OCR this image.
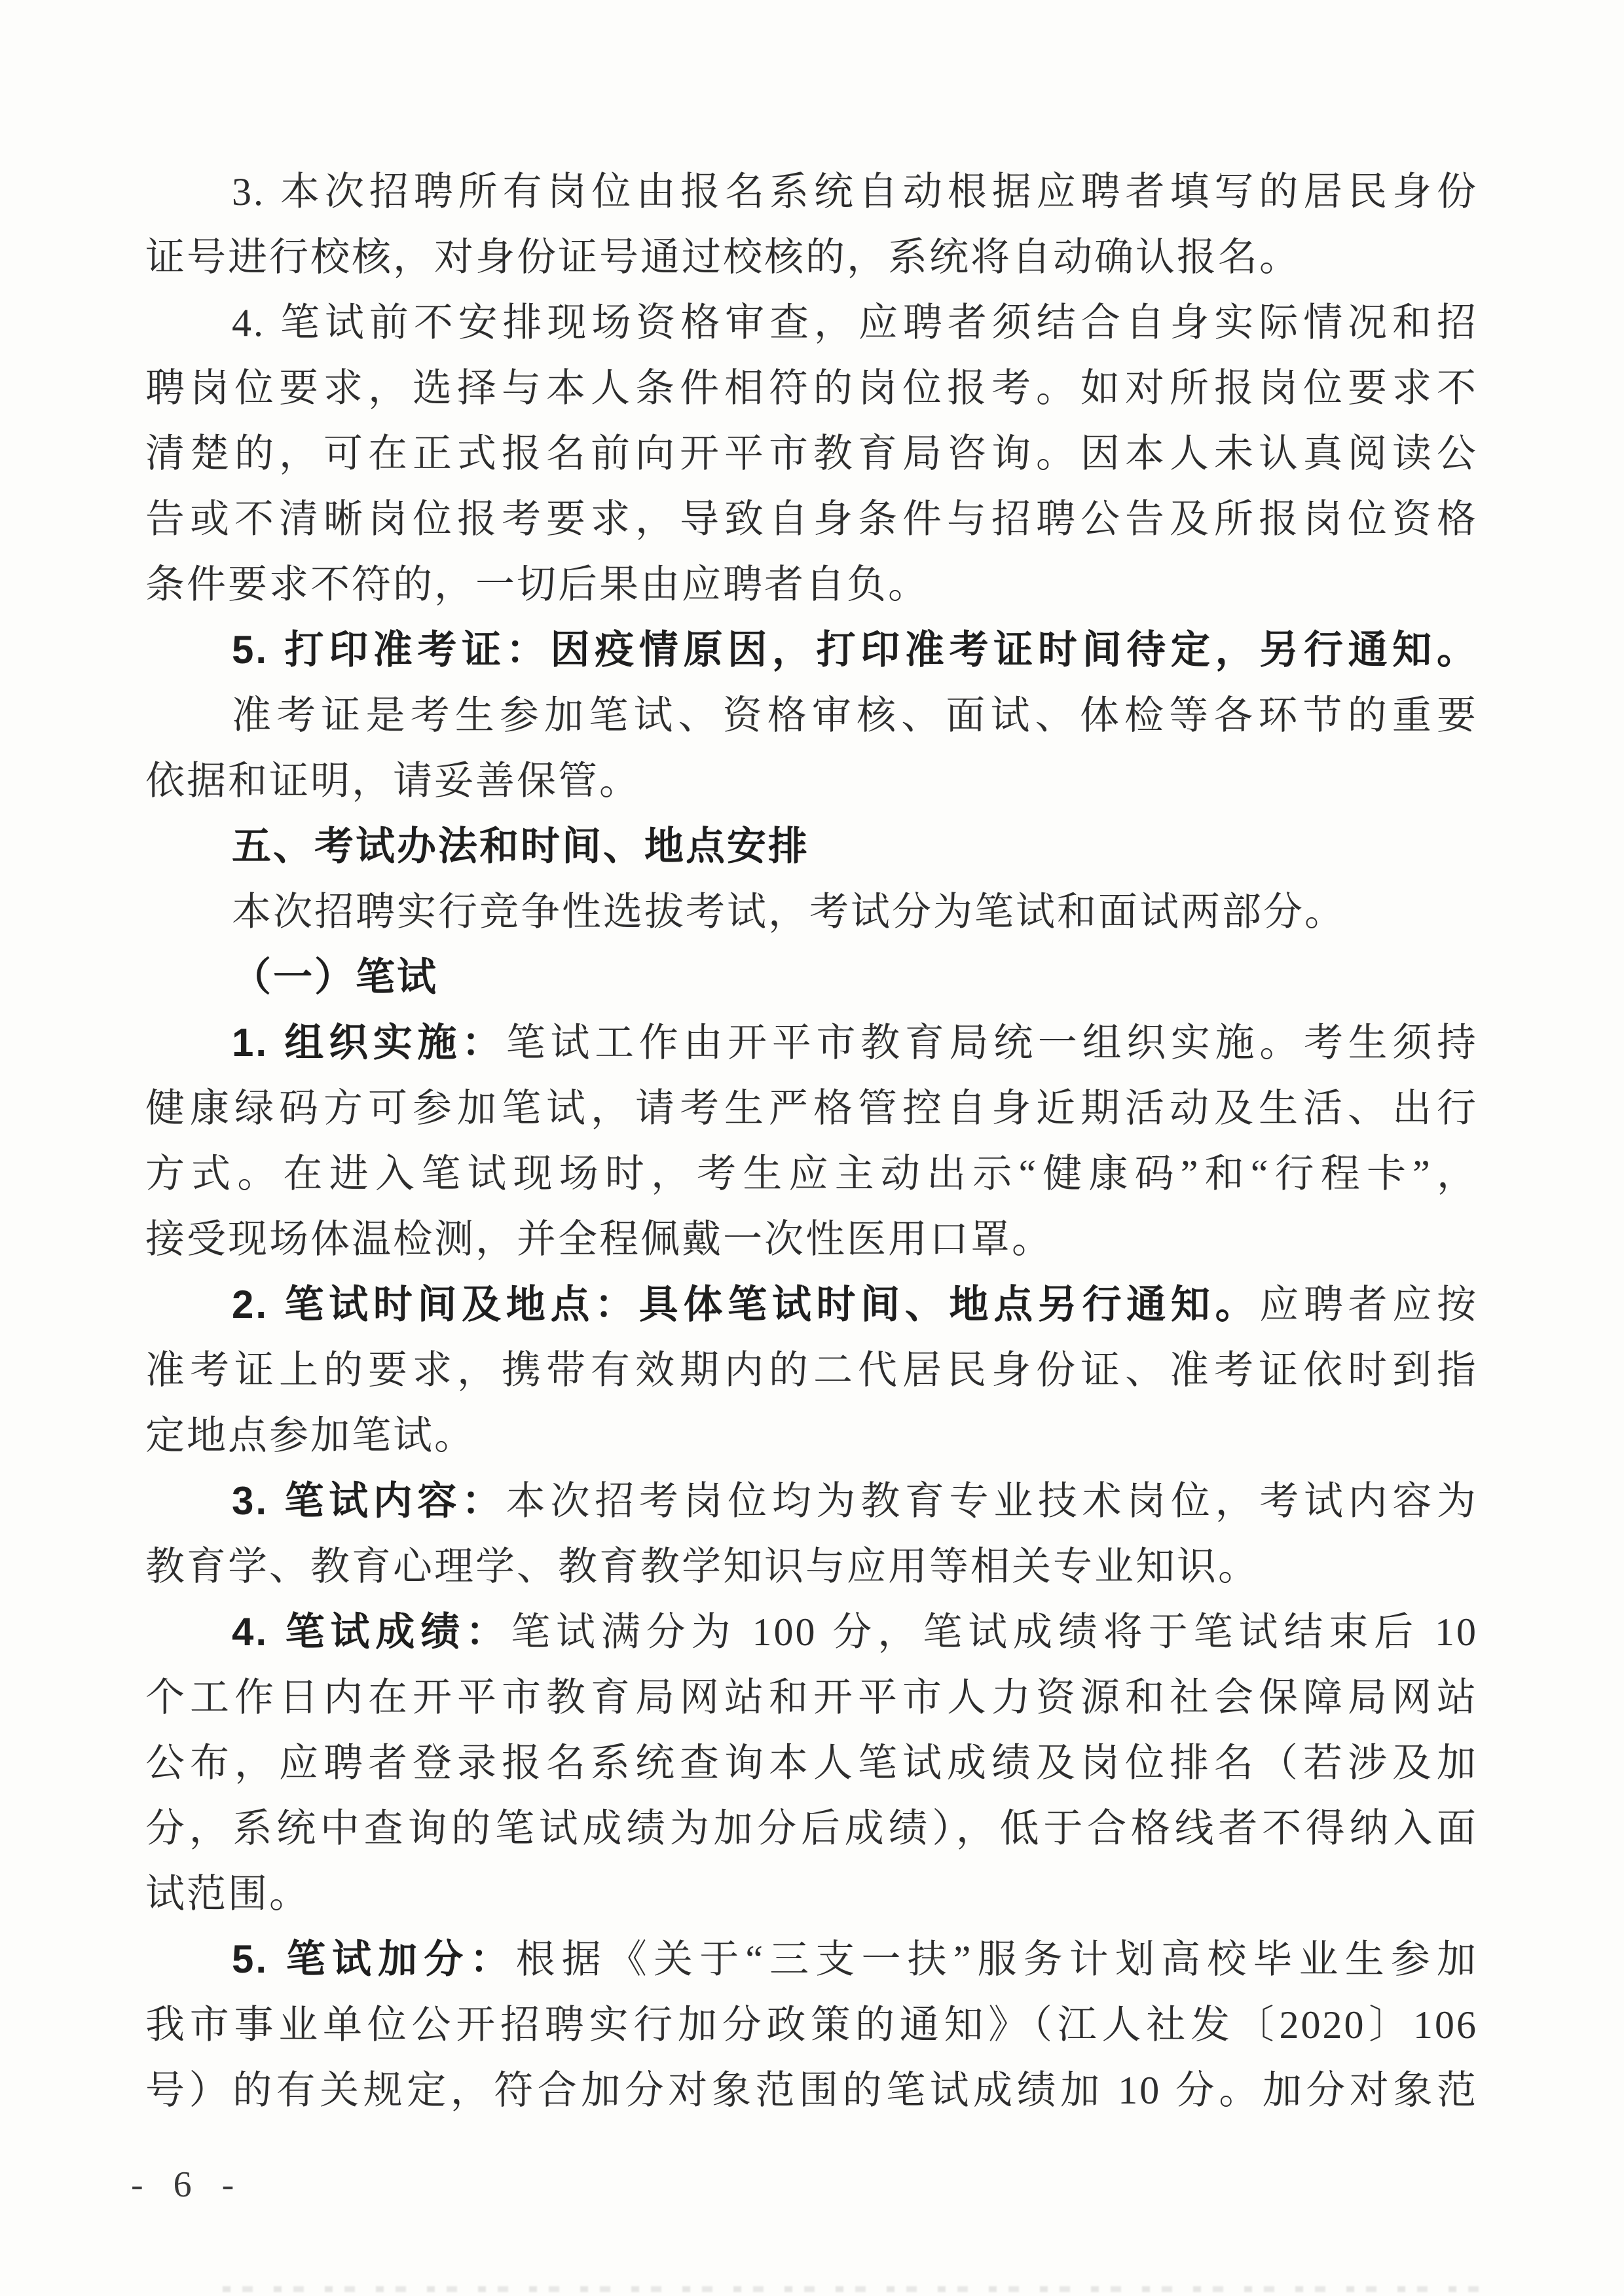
3. 本次招聘所有岗位由报名系统自动根据应聘者填写的居民身份
证号进行校核，对身份证号通过校核的，系统将自动确认报名。
4. 笔试前不安排现场资格审查，应聘者须结合自身实际情况和招
聘岗位要求，选择与本人条件相符的岗位报考。如对所报岗位要求不
清楚的，可在正式报名前向开平市教育局咨询。因本人未认真阅读公
告或不清晰岗位报考要求，导致自身条件与招聘公告及所报岗位资格
条件要求不符的，一切后果由应聘者自负。
5. 打印准考证：因疫情原因，打印准考证时间待定，另行通知。
准考证是考生参加笔试、资格审核、面试、体检等各环节的重要
依据和证明，请妥善保管。
五、考试办法和时间、地点安排
本次招聘实行竞争性选拔考试，考试分为笔试和面试两部分。
（一）笔试
1. 组织实施：笔试工作由开平市教育局统一组织实施。考生须持
健康绿码方可参加笔试，请考生严格管控自身近期活动及生活、出行
方式。在进入笔试现场时，考生应主动出示“健康码”和“行程卡”，
接受现场体温检测，并全程佩戴一次性医用口罩。
2. 笔试时间及地点：具体笔试时间、地点另行通知。应聘者应按
准考证上的要求，携带有效期内的二代居民身份证、准考证依时到指
定地点参加笔试。
3. 笔试内容：本次招考岗位均为教育专业技术岗位，考试内容为
教育学、教育心理学、教育教学知识与应用等相关专业知识。
4. 笔试成绩：笔试满分为 100 分，笔试成绩将于笔试结束后 10
个工作日内在开平市教育局网站和开平市人力资源和社会保障局网站
公布，应聘者登录报名系统查询本人笔试成绩及岗位排名（若涉及加
分，系统中查询的笔试成绩为加分后成绩），低于合格线者不得纳入面
试范围。
5. 笔试加分：根据《关于“三支一扶”服务计划高校毕业生参加
我市事业单位公开招聘实行加分政策的通知》（江人社发〔2020〕106
号）的有关规定，符合加分对象范围的笔试成绩加 10 分。加分对象范
- 6 -
